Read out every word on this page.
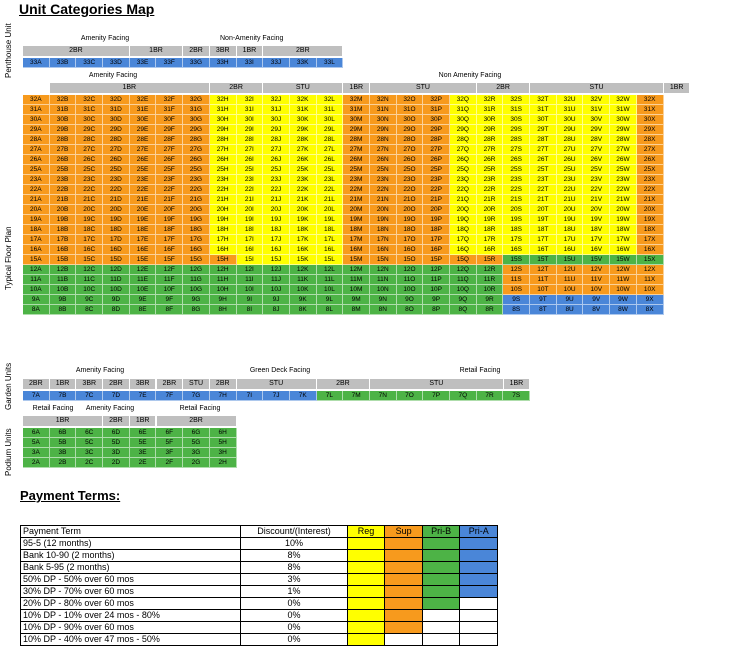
Unit Categories Map
Penthouse Unit
Typical Floor Plan
Garden Units
Podium Units
Amenity Facing	Non-Amenity Facing
2BR	1BR	2BR	3BR	1BR	2BR
33A	33B	33C	33D	33E	33F	33G	33H	33I	33J	33K	33L
Amenity Facing	Non Amenity Facing
1BR	2BR	STU	1BR	STU	2BR	STU	1BR
32A	32B	32C	32D	32E	32F	32G	32H	32I	32J	32K	32L	32M	32N	32O	32P	32Q	32R	32S	32T	32U	32V	32W	32X
31A	31B	31C	31D	31E	31F	31G	31H	31I	31J	31K	31L	31M	31N	31O	31P	31Q	31R	31S	31T	31U	31V	31W	31X
30A	30B	30C	30D	30E	30F	30G	30H	30I	30J	30K	30L	30M	30N	30O	30P	30Q	30R	30S	30T	30U	30V	30W	30X
29A	29B	29C	29D	29E	29F	29G	29H	29I	29J	29K	29L	29M	29N	29O	29P	29Q	29R	29S	29T	29U	29V	29W	29X
28A	28B	28C	28D	28E	28F	28G	28H	28I	28J	28K	28L	28M	28N	28O	28P	28Q	28R	28S	28T	28U	28V	28W	28X
27A	27B	27C	27D	27E	27F	27G	27H	27I	27J	27K	27L	27M	27N	27O	27P	27Q	27R	27S	27T	27U	27V	27W	27X
26A	26B	26C	26D	26E	26F	26G	26H	26I	26J	26K	26L	26M	26N	26O	26P	26Q	26R	26S	26T	26U	26V	26W	26X
25A	25B	25C	25D	25E	25F	25G	25H	25I	25J	25K	25L	25M	25N	25O	25P	25Q	25R	25S	25T	25U	25V	25W	25X
23A	23B	23C	23D	23E	23F	23G	23H	23I	23J	23K	23L	23M	23N	23O	23P	23Q	23R	23S	23T	23U	23V	23W	23X
22A	22B	22C	22D	22E	22F	22G	22H	22I	22J	22K	22L	22M	22N	22O	22P	22Q	22R	22S	22T	22U	22V	22W	22X
21A	21B	21C	21D	21E	21F	21G	21H	21I	21J	21K	21L	21M	21N	21O	21P	21Q	21R	21S	21T	21U	21V	21W	21X
20A	20B	20C	20D	20E	20F	20G	20H	20I	20J	20K	20L	20M	20N	20O	20P	20Q	20R	20S	20T	20U	20V	20W	20X
19A	19B	19C	19D	19E	19F	19G	19H	19I	19J	19K	19L	19M	19N	19O	19P	19Q	19R	19S	19T	19U	19V	19W	19X
18A	18B	18C	18D	18E	18F	18G	18H	18I	18J	18K	18L	18M	18N	18O	18P	18Q	18R	18S	18T	18U	18V	18W	18X
17A	17B	17C	17D	17E	17F	17G	17H	17I	17J	17K	17L	17M	17N	17O	17P	17Q	17R	17S	17T	17U	17V	17W	17X
16A	16B	16C	16D	16E	16F	16G	16H	16I	16J	16K	16L	16M	16N	16O	16P	16Q	16R	16S	16T	16U	16V	16W	16X
15A	15B	15C	15D	15E	15F	15G	15H	15I	15J	15K	15L	15M	15N	15O	15P	15Q	15R	15S	15T	15U	15V	15W	15X
12A	12B	12C	12D	12E	12F	12G	12H	12I	12J	12K	12L	12M	12N	12O	12P	12Q	12R	12S	12T	12U	12V	12W	12X
11A	11B	11C	11D	11E	11F	11G	11H	11I	11J	11K	11L	11M	11N	11O	11P	11Q	11R	11S	11T	11U	11V	11W	11X
10A	10B	10C	10D	10E	10F	10G	10H	10I	10J	10K	10L	10M	10N	10O	10P	10Q	10R	10S	10T	10U	10V	10W	10X
9A	9B	9C	9D	9E	9F	9G	9H	9I	9J	9K	9L	9M	9N	9O	9P	9Q	9R	9S	9T	9U	9V	9W	9X
8A	8B	8C	8D	8E	8F	8G	8H	8I	8J	8K	8L	8M	8N	8O	8P	8Q	8R	8S	8T	8U	8V	8W	8X
Amenity Facing	Green Deck Facing	Retail Facing
2BR	1BR	3BR	2BR	3BR	2BR	STU	2BR	STU	2BR	STU	1BR
7A	7B	7C	7D	7E	7F	7G	7H	7I	7J	7K	7L	7M	7N	7O	7P	7Q	7R	7S
Retail Facing	Amenity Facing	Retail Facing
1BR	2BR	1BR	2BR
6A	6B	6C	6D	6E	6F	6G	6H
5A	5B	5C	5D	5E	5F	5G	5H
3A	3B	3C	3D	3E	3F	3G	3H
2A	2B	2C	2D	2E	2F	2G	2H
Payment Terms:
Payment Term	Discount/(Interest)	Reg	Sup	Pri-B	Pri-A
95-5 (12 months)	10%				
Bank 10-90 (2 months)	8%				
Bank 5-95 (2 months)	8%				
50% DP - 50% over 60 mos	3%				
30% DP - 70% over 60 mos	1%				
20% DP - 80% over 60 mos	0%				
10% DP - 10% over 24 mos - 80%	0%				
10% DP - 90% over 60 mos	0%				
10% DP - 40% over 47 mos - 50%	0%				
